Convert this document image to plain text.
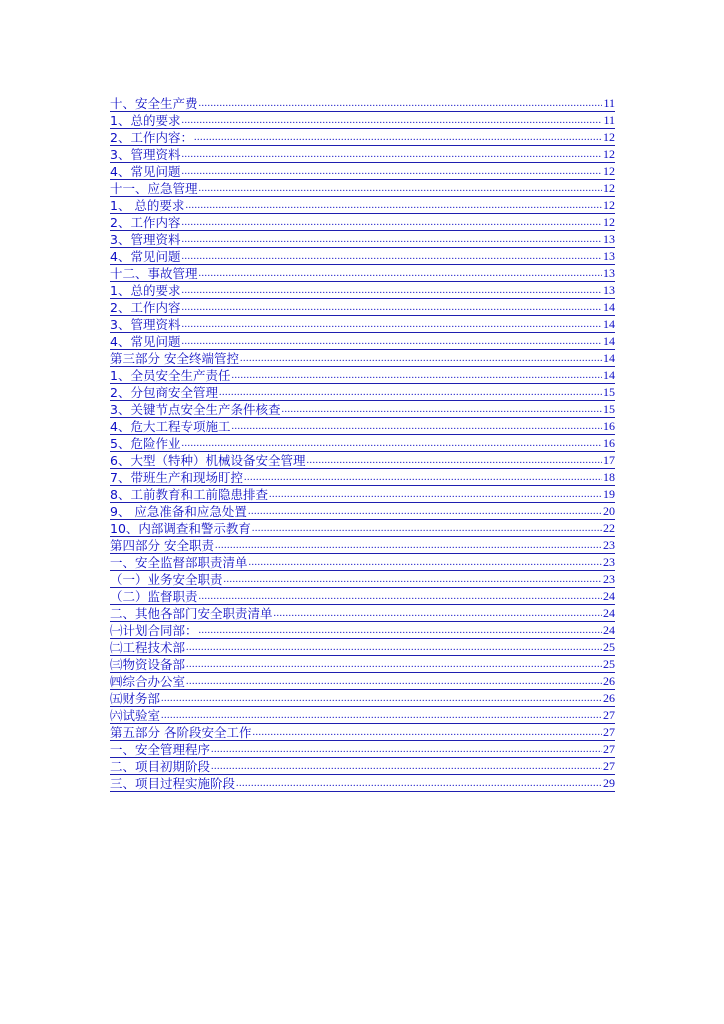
十、安全生产费 .....	11
1、总的要求 .....	11
2、工作内容： .....	12
3、管理资料 .....	12
4、常见问题 .....	12
十一、应急管理 .....	12
1、 总的要求 .....	12
2、工作内容 .....	12
3、管理资料 .....	13
4、常见问题 .....	13
十二、事故管理 .....	13
1、总的要求 .....	13
2、工作内容 .....	14
3、管理资料 .....	14
4、常见问题 .....	14
第三部分 安全终端管控 .....	14
1、全员安全生产责任 .....	14
2、分包商安全管理 .....	15
3、关键节点安全生产条件核查 .....	15
4、危大工程专项施工 .....	16
5、危险作业 .....	16
6、大型（特种）机械设备安全管理 .....	17
7、带班生产和现场盯控 .....	18
8、工前教育和工前隐患排查 .....	19
9、 应急准备和应急处置 .....	20
10、内部调查和警示教育 .....	22
第四部分 安全职责 .....	23
一、安全监督部职责清单 .....	23
（一）业务安全职责 .....	23
（二）监督职责 .....	24
二、其他各部门安全职责清单 .....	24
㈠计划合同部： .....	24
㈡工程技术部 .....	25
㈢物资设备部 .....	25
㈣综合办公室 .....	26
㈤财务部 .....	26
㈥试验室 .....	27
第五部分 各阶段安全工作 .....	27
一、安全管理程序 .....	27
二、项目初期阶段 .....	27
三、项目过程实施阶段 .....	29
